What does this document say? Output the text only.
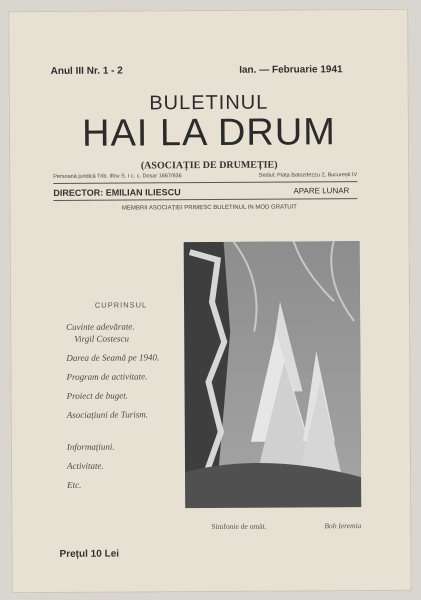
Anul III Nr. 1 - 2	Ian. — Februarie 1941
BULETINUL
HAI LA DRUM
(ASOCIAȚIE DE DRUMEȚIE)
Persoană juridică Trib. Ilfov S. I c. c. Dosar 1667/936	Sediul: Piața Batozdezzu 2, București IV
DIRECTOR: EMILIAN ILIESCU	APARE LUNAR
MEMBRII ASOCIAȚIEI PRIMESC BULETINUL IN MOD GRATUIT
CUPRINSUL
Cuvinte adevărate.
Virgil Costescu
Darea de Seamă pe 1940.
Program de activitate.
Proiect de buget.
Asociațiuni de Turism.
Informațiuni.
Activitate.
Etc.
Simfonie de omăt.	Bob Ieremia
Prețul 10 Lei
